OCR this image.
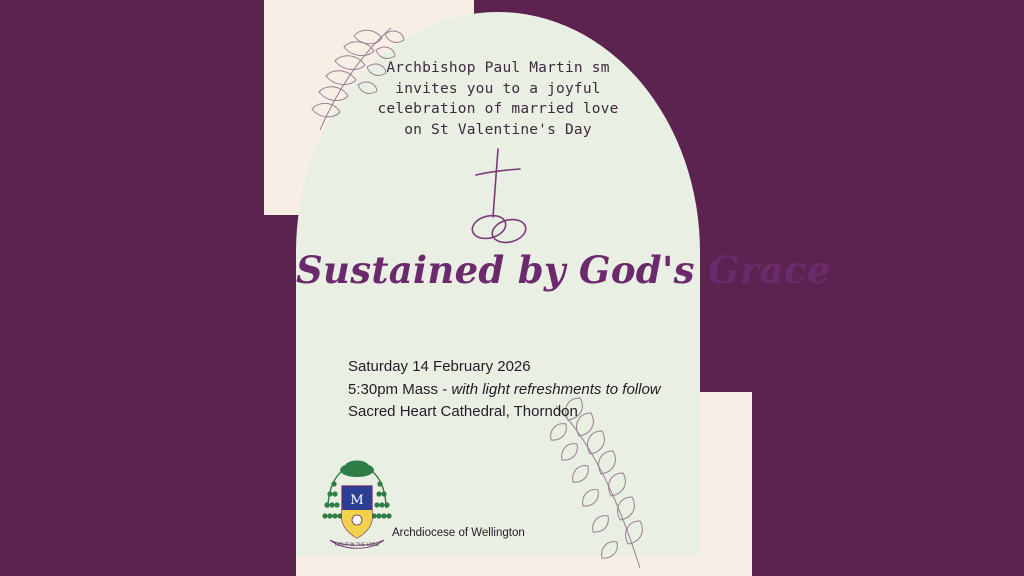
Archbishop Paul Martin sm
invites you to a joyful
celebration of married love
on St Valentine's Day
Sustained by God's Grace
Saturday 14 February 2026
5:30pm Mass - with light refreshments to follow
Sacred Heart Cathedral, Thorndon
M
LIGHT IN THE LORD
Archdiocese of Wellington
